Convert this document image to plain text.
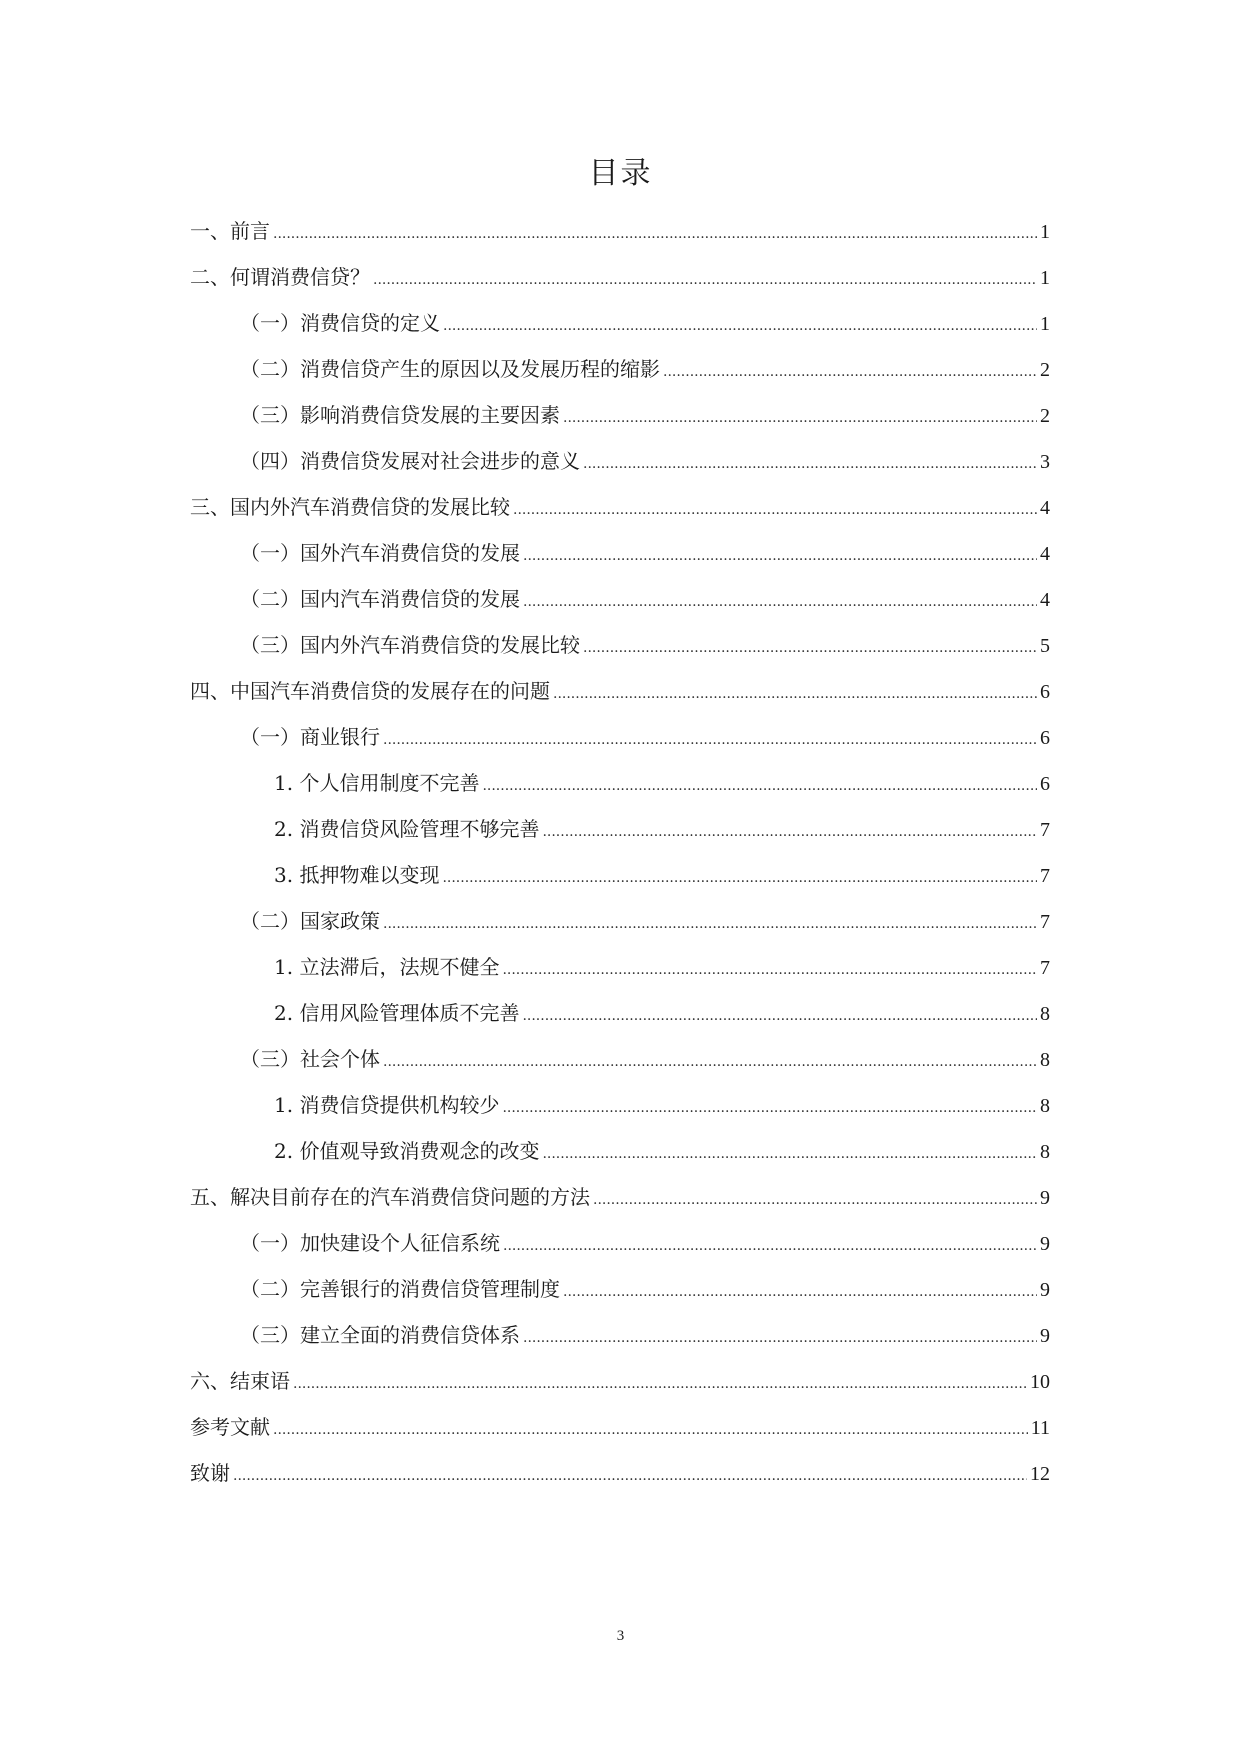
目录
一、前言 .....	1
二、何谓消费信贷？ .....	1
（一）消费信贷的定义 .....	1
（二）消费信贷产生的原因以及发展历程的缩影 .....	2
（三）影响消费信贷发展的主要因素 .....	2
（四）消费信贷发展对社会进步的意义 .....	3
三、国内外汽车消费信贷的发展比较 .....	4
（一）国外汽车消费信贷的发展 .....	4
（二）国内汽车消费信贷的发展 .....	4
（三）国内外汽车消费信贷的发展比较 .....	5
四、中国汽车消费信贷的发展存在的问题 .....	6
（一）商业银行 .....	6
1. 个人信用制度不完善 .....	6
2. 消费信贷风险管理不够完善 .....	7
3. 抵押物难以变现 .....	7
（二）国家政策 .....	7
1. 立法滞后，法规不健全 .....	7
2. 信用风险管理体质不完善 .....	8
（三）社会个体 .....	8
1. 消费信贷提供机构较少 .....	8
2. 价值观导致消费观念的改变 .....	8
五、解决目前存在的汽车消费信贷问题的方法 .....	9
（一）加快建设个人征信系统 .....	9
（二）完善银行的消费信贷管理制度 .....	9
（三）建立全面的消费信贷体系 .....	9
六、结束语 .....	10
参考文献 .....	11
致谢 .....	12
3
